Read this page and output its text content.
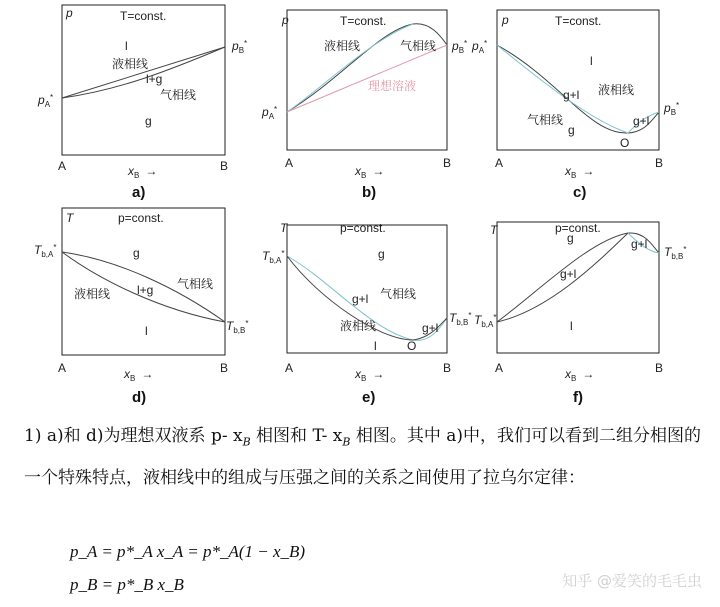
p	T=const.
l
液相线
l+g
气相线
g
$p_A^*$
$p_B^*$
A	B
$x_B$ →
a)
p	T=const.
液相线	气相线
理想溶液
$p_A^*$
$p_B^*$
A	B
$x_B$ →
b)
p	T=const.
l
g+l 液相线
气相线
g
g+l
O
$p_A^*$
$p_B^*$
A	B
$x_B$ →
c)
T	p=const.
g
液相线 l+g 气相线
l
$T_{b,A}^*$
$T_{b,B}^*$
A	B
$x_B$ →
d)
T	p=const.
g
g+l 气相线
液相线	g+l
l	O
$T_{b,A}^*$
$T_{b,B}^*$
A	B
$x_B$ →
e)
T	p=const.
g
g+l
g+l
l
$T_{b,A}^*$
$T_{b,B}^*$
A	B
$x_B$ →
f)
1) a)和 d)为理想双液系 p- $x_B$ 相图和 T- $x_B$ 相图。其中 a)中，我们可以看到二组分相图的一个特殊特点，液相线中的组成与压强之间的关系之间使用了拉乌尔定律：
p_A = p*_A x_A = p*_A(1 − x_B)
p_B = p*_B x_B	知乎 @爱笑的毛毛虫
